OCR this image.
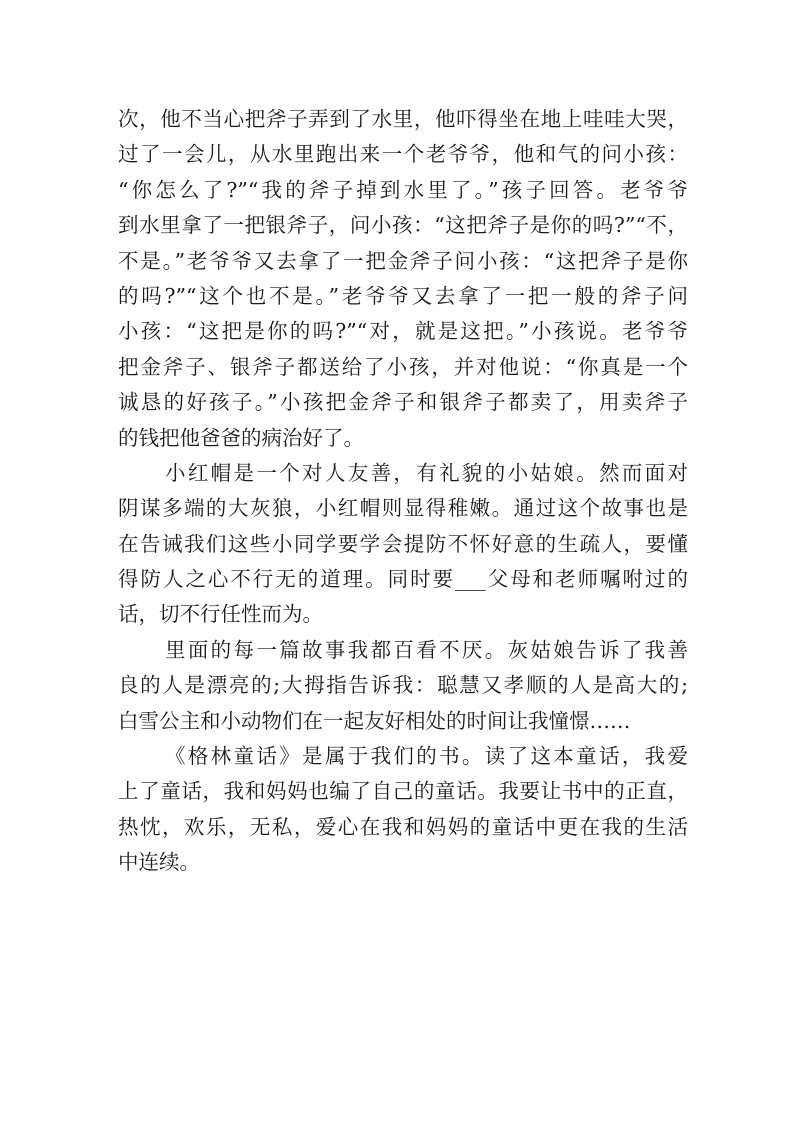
次，他不当心把斧子弄到了水里，他吓得坐在地上哇哇大哭，
过了一会儿，从水里跑出来一个老爷爷，他和气的问小孩：
“你怎么了?”“我的斧子掉到水里了。”孩子回答。老爷爷
到水里拿了一把银斧子，问小孩：“这把斧子是你的吗?”“不，
不是。”老爷爷又去拿了一把金斧子问小孩：“这把斧子是你
的吗?”“这个也不是。”老爷爷又去拿了一把一般的斧子问
小孩：“这把是你的吗?”“对，就是这把。”小孩说。老爷爷
把金斧子、银斧子都送给了小孩，并对他说：“你真是一个
诚恳的好孩子。”小孩把金斧子和银斧子都卖了，用卖斧子
的钱把他爸爸的病治好了。
小红帽是一个对人友善，有礼貌的小姑娘。然而面对
阴谋多端的大灰狼，小红帽则显得稚嫩。通过这个故事也是
在告诫我们这些小同学要学会提防不怀好意的生疏人，要懂
得防人之心不行无的道理。同时要___父母和老师嘱咐过的
话，切不行任性而为。
里面的每一篇故事我都百看不厌。灰姑娘告诉了我善
良的人是漂亮的;大拇指告诉我：聪慧又孝顺的人是高大的;
白雪公主和小动物们在一起友好相处的时间让我憧憬……
《格林童话》是属于我们的书。读了这本童话，我爱
上了童话，我和妈妈也编了自己的童话。我要让书中的正直，
热忱，欢乐，无私，爱心在我和妈妈的童话中更在我的生活
中连续。
